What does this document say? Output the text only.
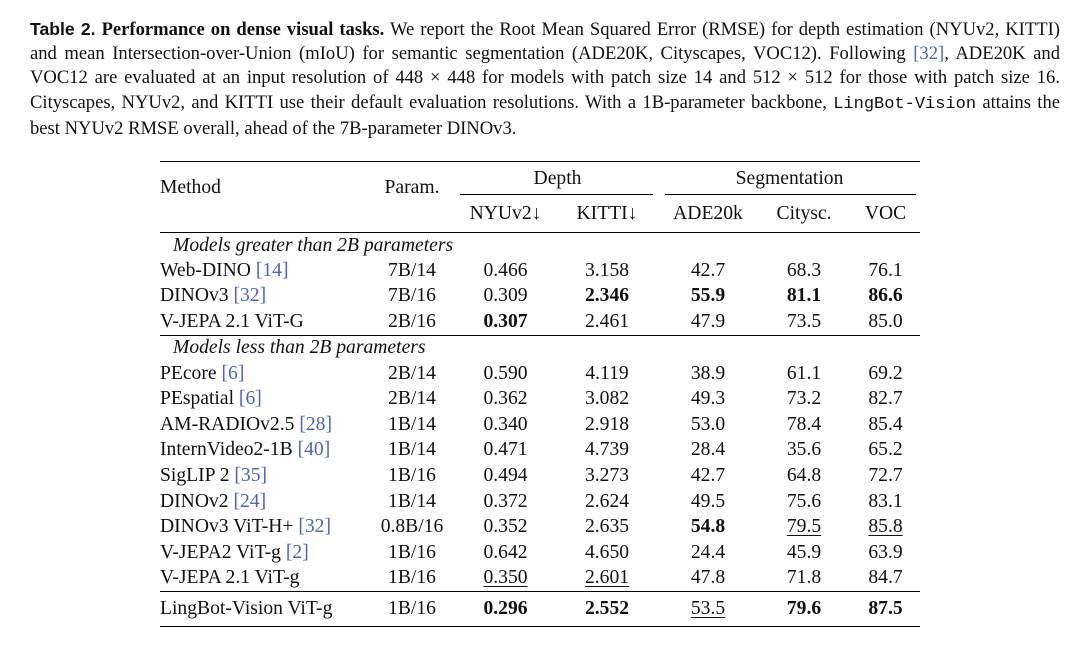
Table 2. Performance on dense visual tasks. We report the Root Mean Squared Error (RMSE) for depth estimation (NYUv2, KITTI) and mean Intersection-over-Union (mIoU) for semantic segmentation (ADE20K, Cityscapes, VOC12). Following [32], ADE20K and VOC12 are evaluated at an input resolution of 448 × 448 for models with patch size 14 and 512 × 512 for those with patch size 16. Cityscapes, NYUv2, and KITTI use their default evaluation resolutions. With a 1B-parameter backbone, LingBot-Vision attains the best NYUv2 RMSE overall, ahead of the 7B-parameter DINOv3.

Method	Param.	Depth		Segmentation		

		NYUv2↓	KITTI↓	ADE20k	Citysc.	VOC
Models greater than 2B parameters						
Web-DINO [14]	7B/14	0.466	3.158	42.7	68.3	76.1
DINOv3 [32]	7B/16	0.309	2.346	55.9	81.1	86.6
V-JEPA 2.1 ViT-G	2B/16	0.307	2.461	47.9	73.5	85.0
Models less than 2B parameters						
PEcore [6]	2B/14	0.590	4.119	38.9	61.1	69.2
PEspatial [6]	2B/14	0.362	3.082	49.3	73.2	82.7
AM-RADIOv2.5 [28]	1B/14	0.340	2.918	53.0	78.4	85.4
InternVideo2-1B [40]	1B/14	0.471	4.739	28.4	35.6	65.2
SigLIP 2 [35]	1B/16	0.494	3.273	42.7	64.8	72.7
DINOv2 [24]	1B/14	0.372	2.624	49.5	75.6	83.1
DINOv3 ViT-H+ [32]	0.8B/16	0.352	2.635	54.8	79.5	85.8
V-JEPA2 ViT-g [2]	1B/16	0.642	4.650	24.4	45.9	63.9
V-JEPA 2.1 ViT-g	1B/16	0.350	2.601	47.8	71.8	84.7
LingBot-Vision ViT-g	1B/16	0.296	2.552	53.5	79.6	87.5
